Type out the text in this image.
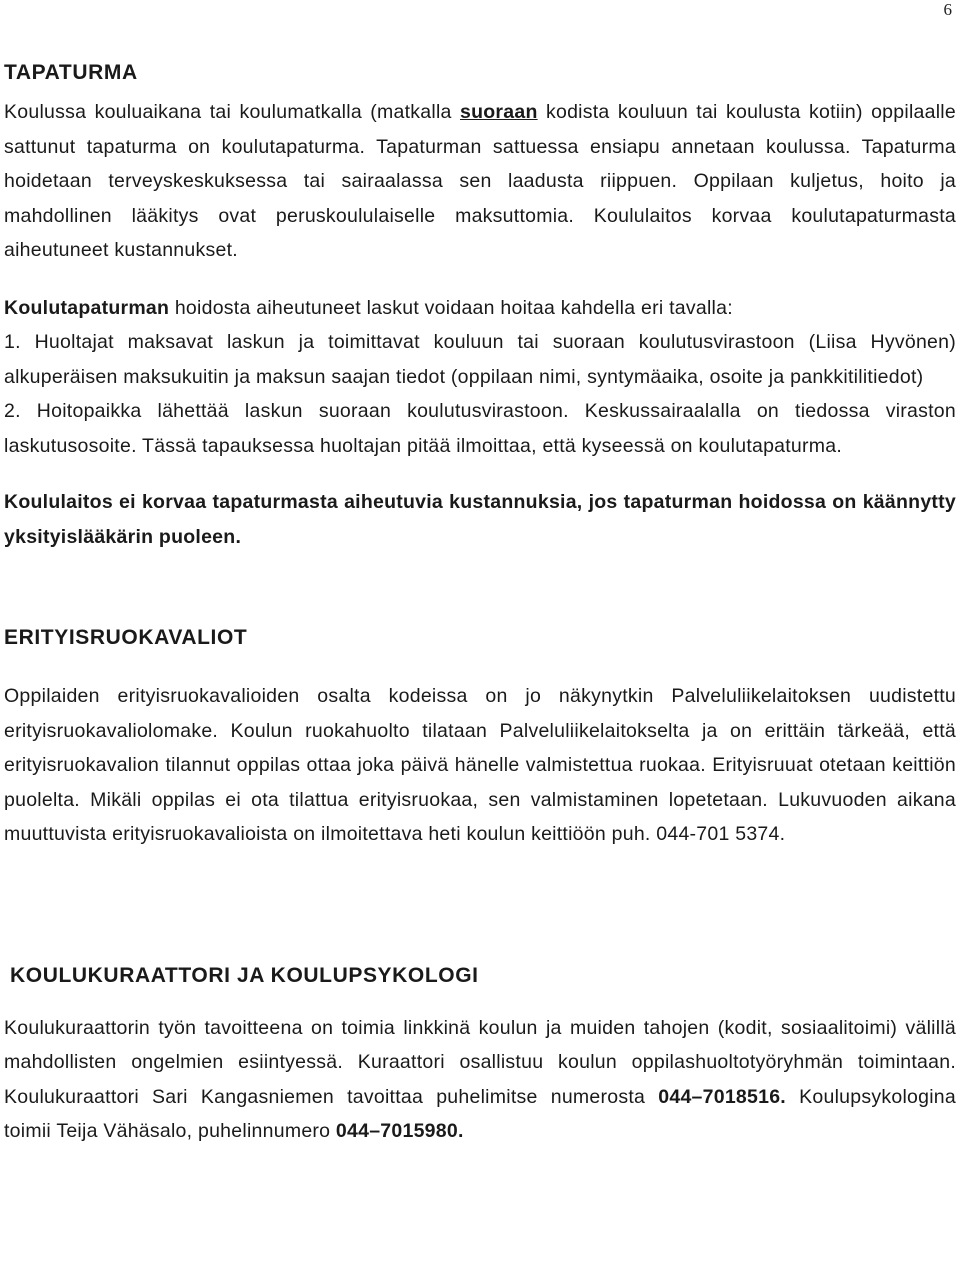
6
TAPATURMA

Koulussa kouluaikana tai koulumatkalla (matkalla suoraan kodista kouluun tai koulusta kotiin) oppilaalle sattunut tapaturma on koulutapaturma. Tapaturman sattuessa ensiapu annetaan koulussa. Tapaturma hoidetaan terveyskeskuksessa tai sairaalassa sen laadusta riippuen. Oppilaan kuljetus, hoito ja mahdollinen lääkitys ovat peruskoululaiselle maksuttomia. Koululaitos korvaa koulutapaturmasta aiheutuneet kustannukset.

Koulutapaturman hoidosta aiheutuneet laskut voidaan hoitaa kahdella eri tavalla:

1. Huoltajat maksavat laskun ja toimittavat kouluun tai suoraan koulutusvirastoon (Liisa Hyvönen) alkuperäisen maksukuitin ja maksun saajan tiedot (oppilaan nimi, syntymäaika, osoite ja pankkitilitiedot)

2. Hoitopaikka lähettää laskun suoraan koulutusvirastoon. Keskussairaalalla on tiedossa viraston laskutusosoite. Tässä tapauksessa huoltajan pitää ilmoittaa, että kyseessä on koulutapaturma.

Koululaitos ei korvaa tapaturmasta aiheutuvia kustannuksia, jos tapaturman hoidossa on käännytty yksityislääkärin puoleen.

ERITYISRUOKAVALIOT

Oppilaiden erityisruokavalioiden osalta kodeissa on jo näkynytkin Palveluliikelaitoksen uudistettu erityisruokavaliolomake. Koulun ruokahuolto tilataan Palveluliikelaitokselta ja on erittäin tärkeää, että erityisruokavalion tilannut oppilas ottaa joka päivä hänelle valmistettua ruokaa. Erityisruuat otetaan keittiön puolelta. Mikäli oppilas ei ota tilattua erityisruokaa, sen valmistaminen lopetetaan. Lukuvuoden aikana muuttuvista erityisruokavalioista on ilmoitettava heti koulun keittiöön puh. 044-701 5374.

KOULUKURAATTORI JA KOULUPSYKOLOGI

Koulukuraattorin työn tavoitteena on toimia linkkinä koulun ja muiden tahojen (kodit, sosiaalitoimi) välillä mahdollisten ongelmien esiintyessä. Kuraattori osallistuu koulun oppilashuoltotyöryhmän toimintaan. Koulukuraattori Sari Kangasniemen tavoittaa puhelimitse numerosta 044–7018516. Koulupsykologina toimii Teija Vähäsalo, puhelinnumero 044–7015980.
